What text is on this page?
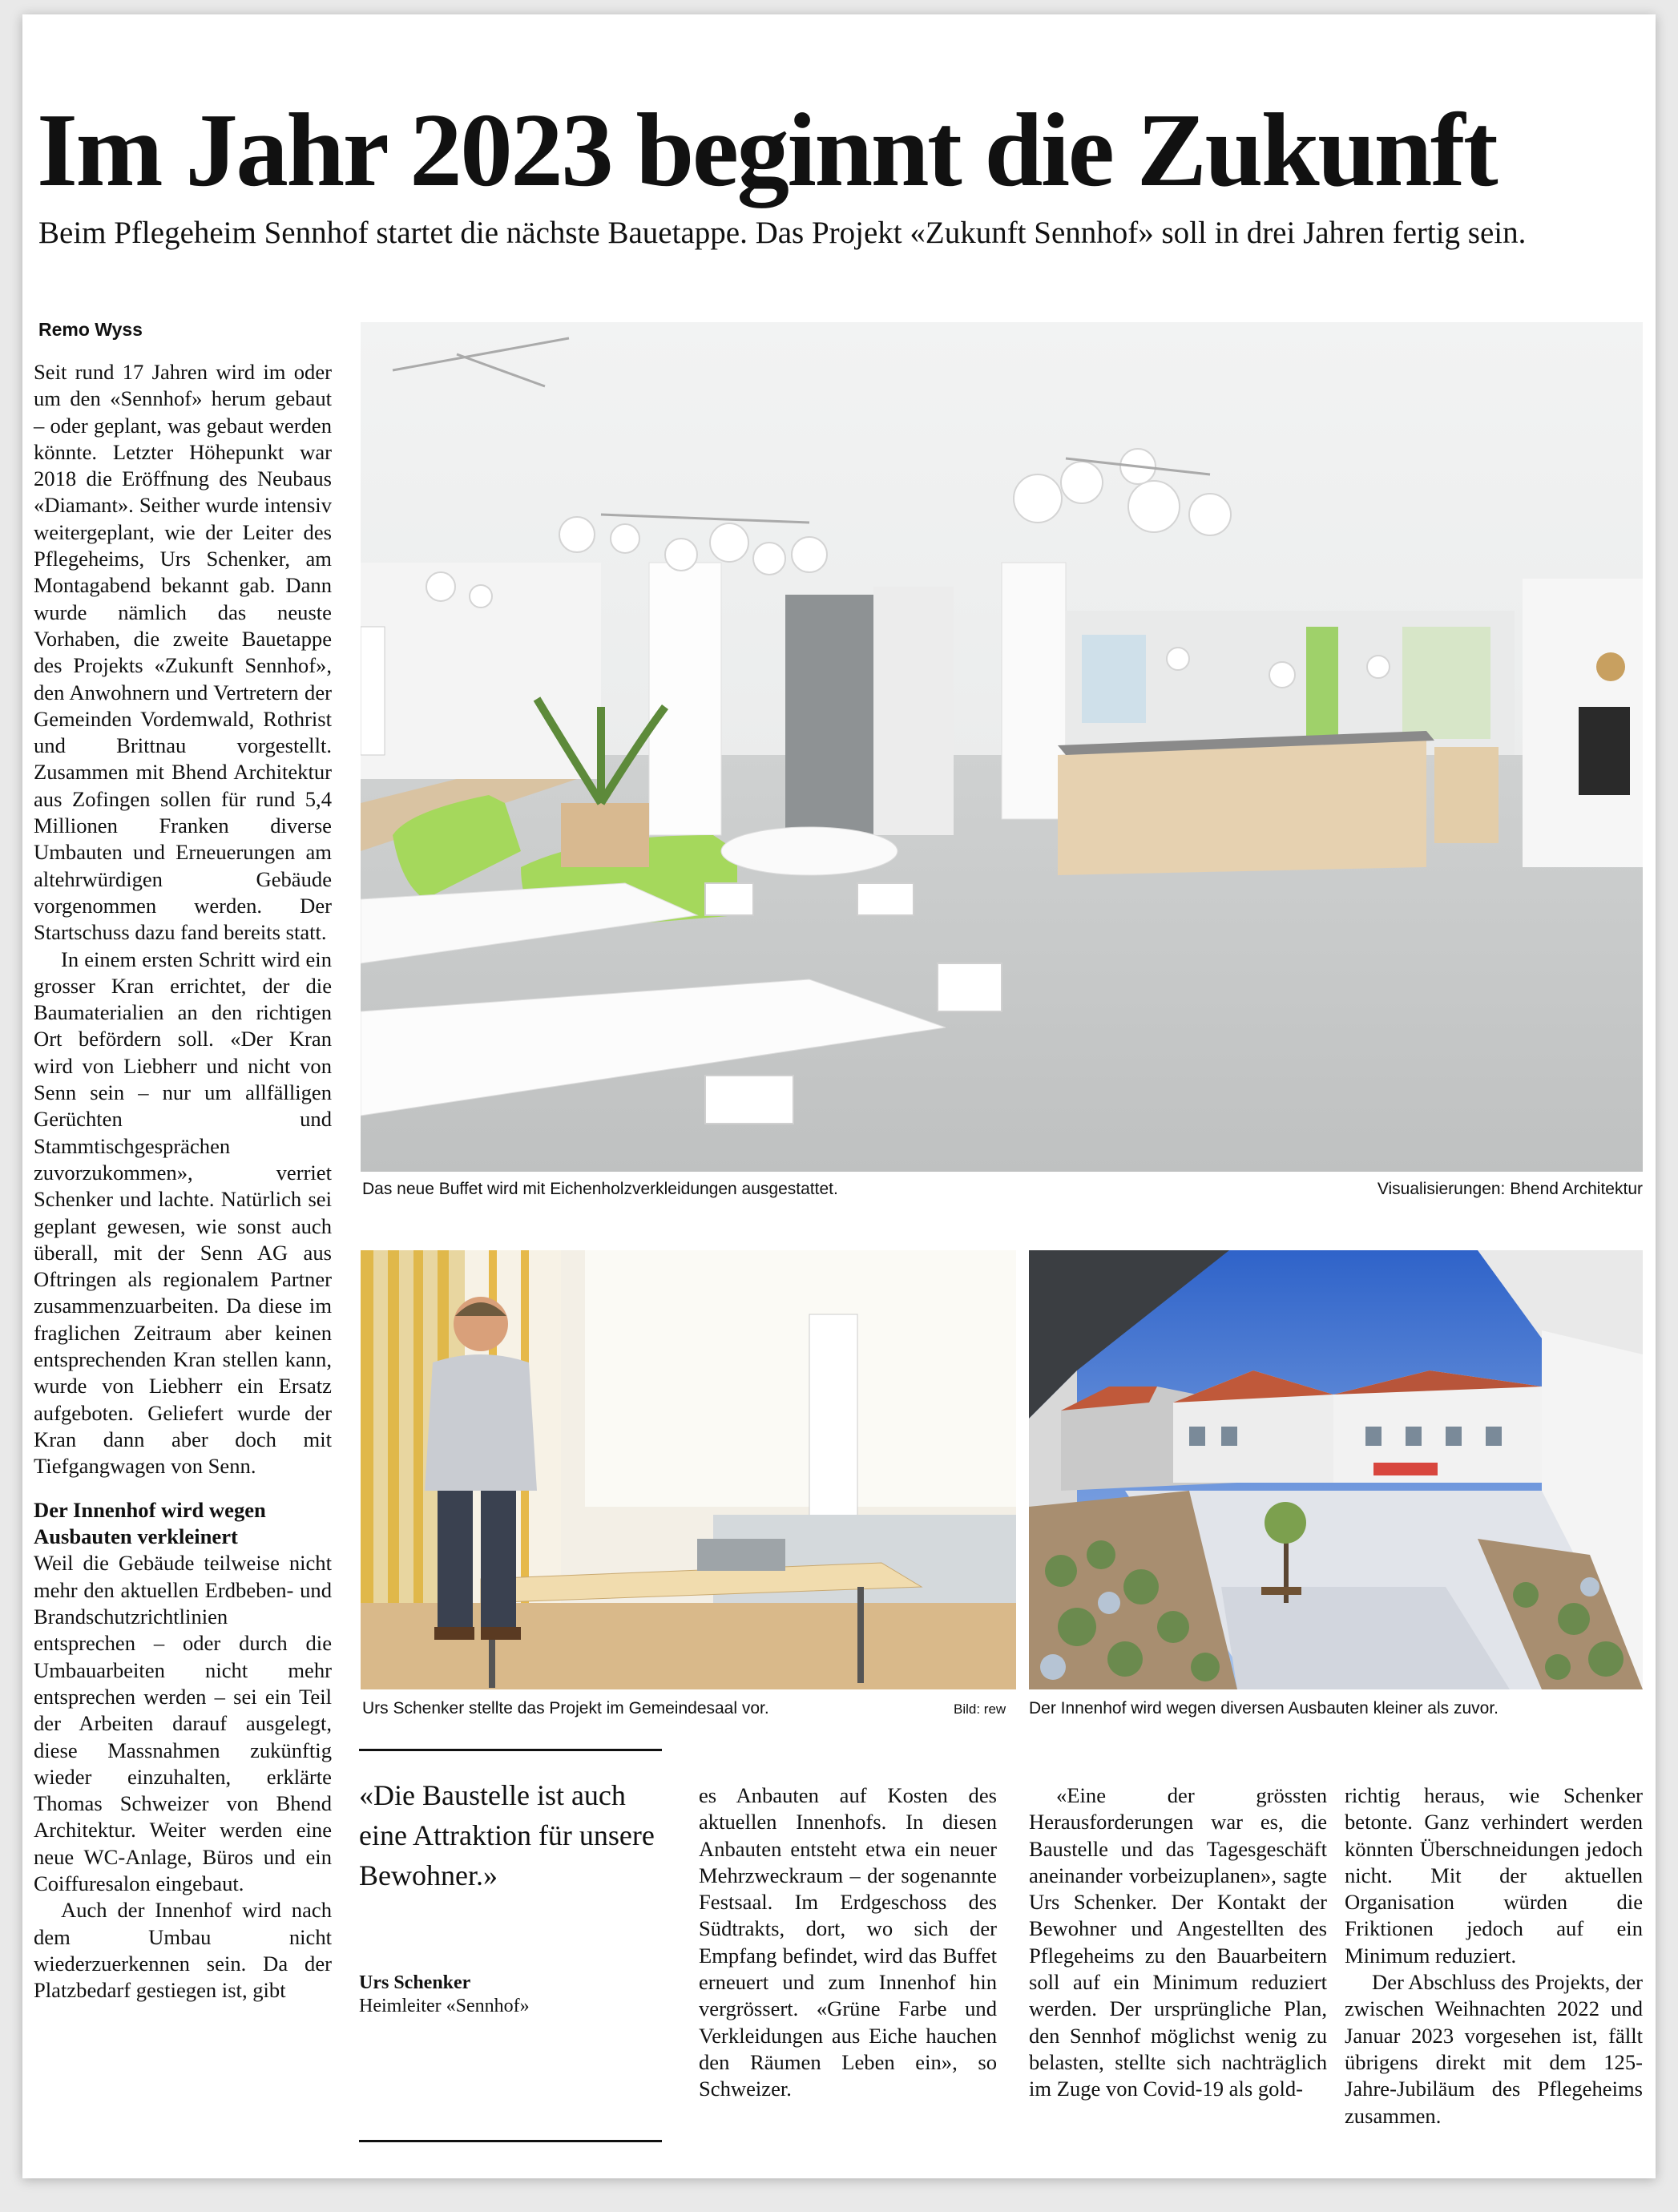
Im Jahr 2023 beginnt die Zukunft
Beim Pflegeheim Sennhof startet die nächste Bauetappe. Das Projekt «Zukunft Sennhof» soll in drei Jahren fertig sein.
Remo Wyss

Seit rund 17 Jahren wird im oder um den «Sennhof» herum gebaut – oder geplant, was gebaut werden könnte. Letzter Höhepunkt war 2018 die Eröffnung des Neubaus «Diamant». Seither wurde intensiv weitergeplant, wie der Leiter des Pflegeheims, Urs Schenker, am Montagabend bekannt gab. Dann wurde nämlich das neuste Vorhaben, die zweite Bauetappe des Projekts «Zukunft Sennhof», den Anwohnern und Vertretern der Gemeinden Vordemwald, Rothrist und Brittnau vorgestellt. Zusammen mit Bhend Architektur aus Zofingen sollen für rund 5,4 Millionen Franken diverse Umbauten und Erneuerungen am altehrwürdigen Gebäude vorgenommen werden. Der Startschuss dazu fand bereits statt.

In einem ersten Schritt wird ein grosser Kran errichtet, der die Baumaterialien an den richtigen Ort befördern soll. «Der Kran wird von Liebherr und nicht von Senn sein – nur um allfälligen Gerüchten und Stammtischgesprächen zuvorzukommen», verriet Schenker und lachte. Natürlich sei geplant gewesen, wie sonst auch überall, mit der Senn AG aus Oftringen als regionalem Partner zusammenzuarbeiten. Da diese im fraglichen Zeitraum aber keinen entsprechenden Kran stellen kann, wurde von Liebherr ein Ersatz aufgeboten. Geliefert wurde der Kran dann aber doch mit Tiefgangwagen von Senn.

Der Innenhof wird wegen Ausbauten verkleinert

Weil die Gebäude teilweise nicht mehr den aktuellen Erdbeben- und Brandschutzrichtlinien entsprechen – oder durch die Umbauarbeiten nicht mehr entsprechen werden – sei ein Teil der Arbeiten darauf ausgelegt, diese Massnahmen zukünftig wieder einzuhalten, erklärte Thomas Schweizer von Bhend Architektur. Weiter werden eine neue WC-Anlage, Büros und ein Coiffuresalon eingebaut.

Auch der Innenhof wird nach dem Umbau nicht wiederzuerkennen sein. Da der Platzbedarf gestiegen ist, gibt

Das neue Buffet wird mit Eichenholzverkleidungen ausgestattet.	Visualisierungen: Bhend Architektur
Urs Schenker stellte das Projekt im Gemeindesaal vor.	Bild: rew Der Innenhof wird wegen diversen Ausbauten kleiner als zuvor.
«Die Baustelle ist auch eine Attraktion für unsere Bewohner.»
Urs Schenker
Heimleiter «Sennhof»

es Anbauten auf Kosten des aktuellen Innenhofs. In diesen Anbauten entsteht etwa ein neuer Mehrzweckraum – der sogenannte Festsaal. Im Erdgeschoss des Südtrakts, dort, wo sich der Empfang befindet, wird das Buffet erneuert und zum Innenhof hin vergrössert. «Grüne Farbe und Verkleidungen aus Eiche hauchen den Räumen Leben ein», so Schweizer.

«Eine der grössten Herausforderungen war es, die Baustelle und das Tagesgeschäft aneinander vorbeizuplanen», sagte Urs Schenker. Der Kontakt der Bewohner und Angestellten des Pflegeheims zu den Bauarbeitern soll auf ein Minimum reduziert werden. Der ursprüngliche Plan, den Sennhof möglichst wenig zu belasten, stellte sich nachträglich im Zuge von Covid-19 als gold-

richtig heraus, wie Schenker betonte. Ganz verhindert werden könnten Überschneidungen jedoch nicht. Mit der aktuellen Organisation würden die Friktionen jedoch auf ein Minimum reduziert.

Der Abschluss des Projekts, der zwischen Weihnachten 2022 und Januar 2023 vorgesehen ist, fällt übrigens direkt mit dem 125-Jahre-Jubiläum des Pflegeheims zusammen.
